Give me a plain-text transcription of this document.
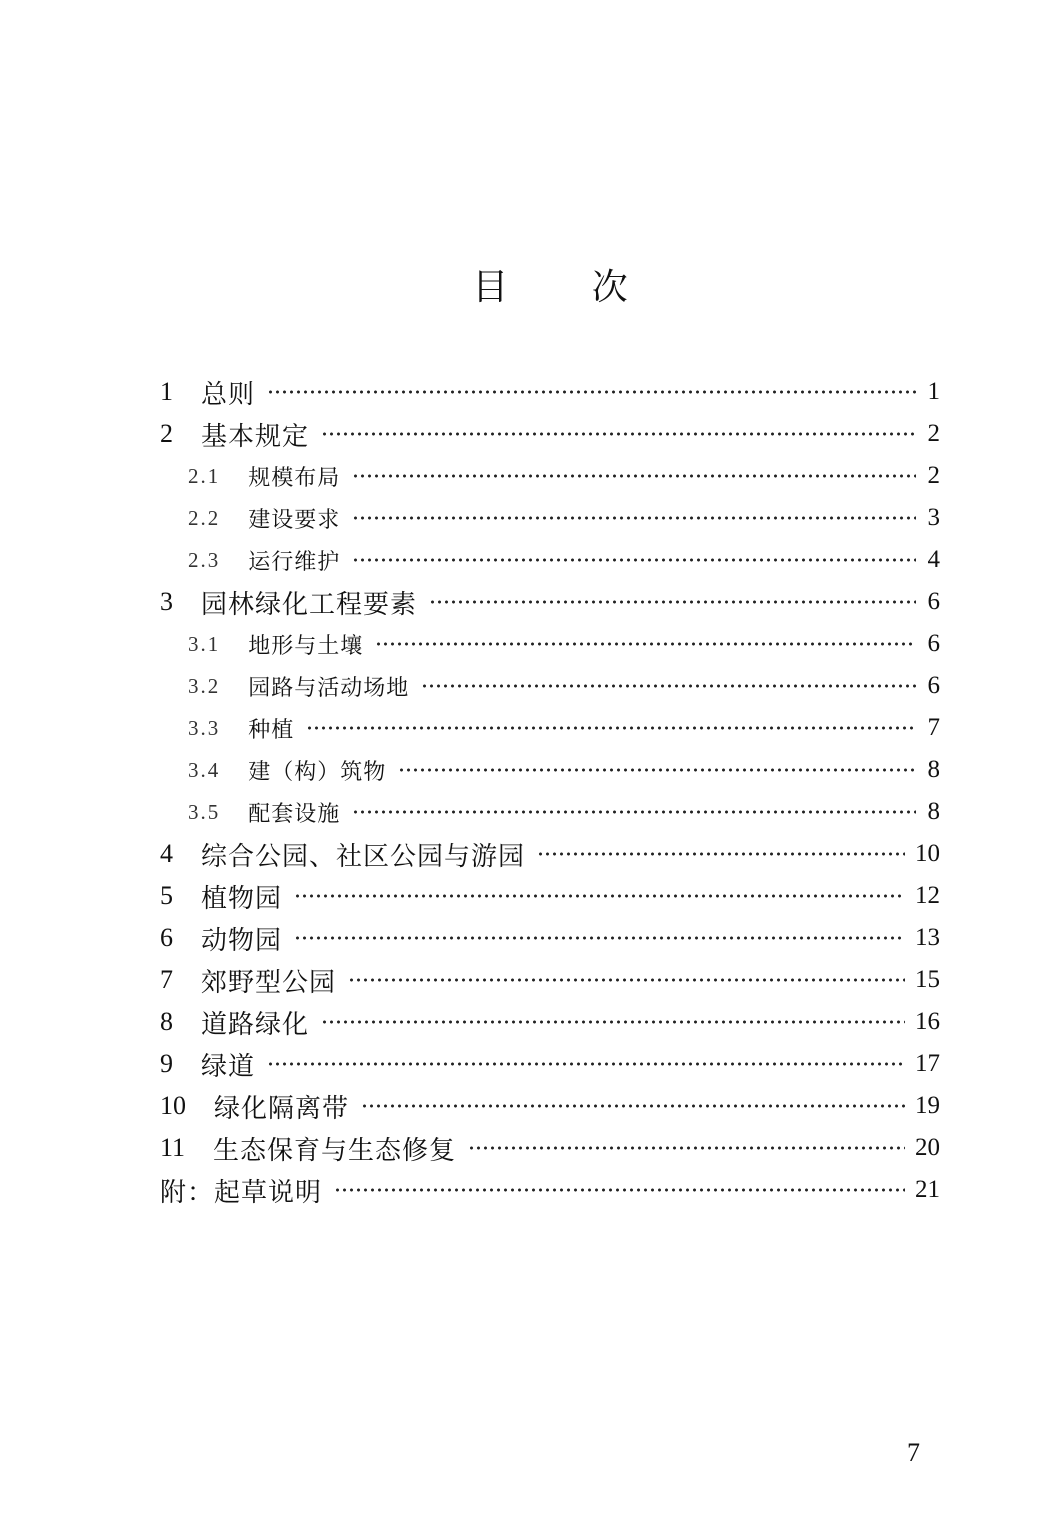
目 次
1 总则	1
2 基本规定	2
2.1 规模布局	2
2.2 建设要求	3
2.3 运行维护	4
3 园林绿化工程要素	6
3.1 地形与土壤	6
3.2 园路与活动场地	6
3.3 种植	7
3.4 建（构）筑物	8
3.5 配套设施	8
4 综合公园、社区公园与游园	10
5 植物园	12
6 动物园	13
7 郊野型公园	15
8 道路绿化	16
9 绿道	17
10 绿化隔离带	19
11 生态保育与生态修复	20
附：起草说明	21
7
